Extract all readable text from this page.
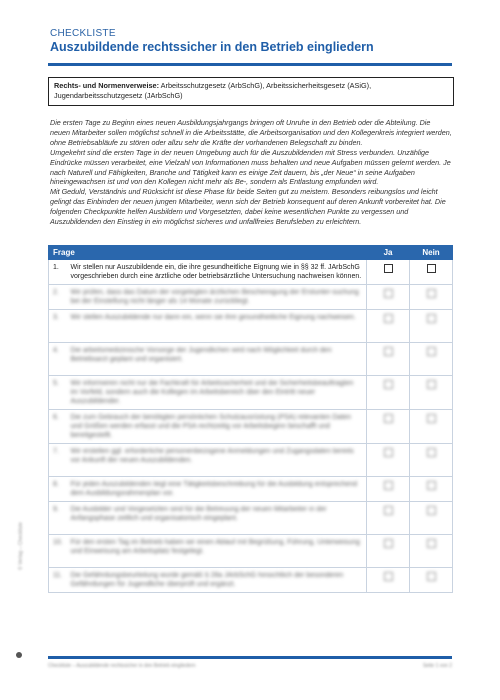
CHECKLISTE
Auszubildende rechtssicher in den Betrieb eingliedern
Rechts- und Normenverweise: Arbeitsschutzgesetz (ArbSchG), Arbeitssicherheitsgesetz (ASiG), Jugendarbeitsschutzgesetz (JArbSchG)
Die ersten Tage zu Beginn eines neuen Ausbildungsjahrgangs bringen oft Unruhe in den Betrieb oder die Abteilung. Die neuen Mitarbeiter sollen möglichst schnell in die Arbeitsstätte, die Arbeitsorganisation und den Kollegenkreis integriert werden, ohne Betriebsabläufe zu stören oder allzu sehr die Kräfte der vorhandenen Belegschaft zu binden.
Umgekehrt sind die ersten Tage in der neuen Umgebung auch für die Auszubildenden mit Stress verbunden. Unzählige Eindrücke müssen verarbeitet, eine Vielzahl von Informationen muss behalten und neue Aufgaben müssen gelernt werden. Je nach Naturell und Fähigkeiten, Branche und Tätigkeit kann es einige Zeit dauern, bis „der Neue“ in seine Aufgaben hineingewachsen ist und von den Kollegen nicht mehr als Be-, sondern als Entlastung empfunden wird.
Mit Geduld, Verständnis und Rücksicht ist diese Phase für beide Seiten gut zu meistern. Besonders reibungslos und leicht gelingt das Einbinden der neuen jungen Mitarbeiter, wenn sich der Betrieb konsequent auf deren Ankunft vorbereitet hat. Die folgenden Checkpunkte helfen Ausbildern und Vorgesetzten, dabei keine wesentlichen Punkte zu vergessen und Auszubildenden den Einstieg in ein möglichst sicheres und unfallfreies Berufsleben zu erleichtern.
Frage		Ja	Nein
1.	Wir stellen nur Auszubildende ein, die ihre gesundheitliche Eignung wie in §§ 32 ff. JArbSchG vorgeschrieben durch eine ärztliche oder betriebsärztliche Untersuchung nachweisen können.		
2.	Wir prüfen, dass das Datum der vorgelegten ärztlichen Bescheinigung der Erstunter-suchung bei der Einstellung nicht länger als 14 Monate zurückliegt.		
3.	Wir stellen Auszubildende nur dann ein, wenn sie ihre gesundheitliche Eignung nachweisen.		
4.	Die arbeitsmedizinische Vorsorge der Jugendlichen wird nach Möglichkeit durch den Betriebsarzt geplant und organisiert.		
5.	Wir informieren nicht nur die Fachkraft für Arbeitssicherheit und die Sicherheitsbeauftragten im Vorfeld, sondern auch die Kollegen im Arbeitsbereich über den Eintritt neuer Auszubildender.		
6.	Die zum Gebrauch der benötigten persönlichen Schutzausrüstung (PSA) relevanten Daten und Größen werden erfasst und die PSA rechtzeitig vor Arbeitsbeginn beschafft und bereitgestellt.		
7.	Wir erstellen ggf. erforderliche personenbezogene Anmeldungen und Zugangsdaten bereits vor Ankunft der neuen Auszubildenden.		
8.	Für jeden Auszubildenden liegt eine Tätigkeitsbeschreibung für die Ausbildung entsprechend dem Ausbildungsrahmenplan vor.		
9.	Die Ausbilder und Vorgesetzten sind für die Betreuung der neuen Mitarbeiter in der Anfangsphase zeitlich und organisatorisch eingeplant.		
10.	Für den ersten Tag im Betrieb haben wir einen Ablauf mit Begrüßung, Führung, Unterweisung und Einweisung am Arbeitsplatz festgelegt.		
11.	Die Gefährdungsbeurteilung wurde gemäß § 28a JArbSchG hinsichtlich der besonderen Gefährdungen für Jugendliche überprüft und ergänzt.		
Checkliste – Auszubildende rechtssicher in den Betrieb eingliedern	Seite 1 von 2
© Verlag – Checkliste
